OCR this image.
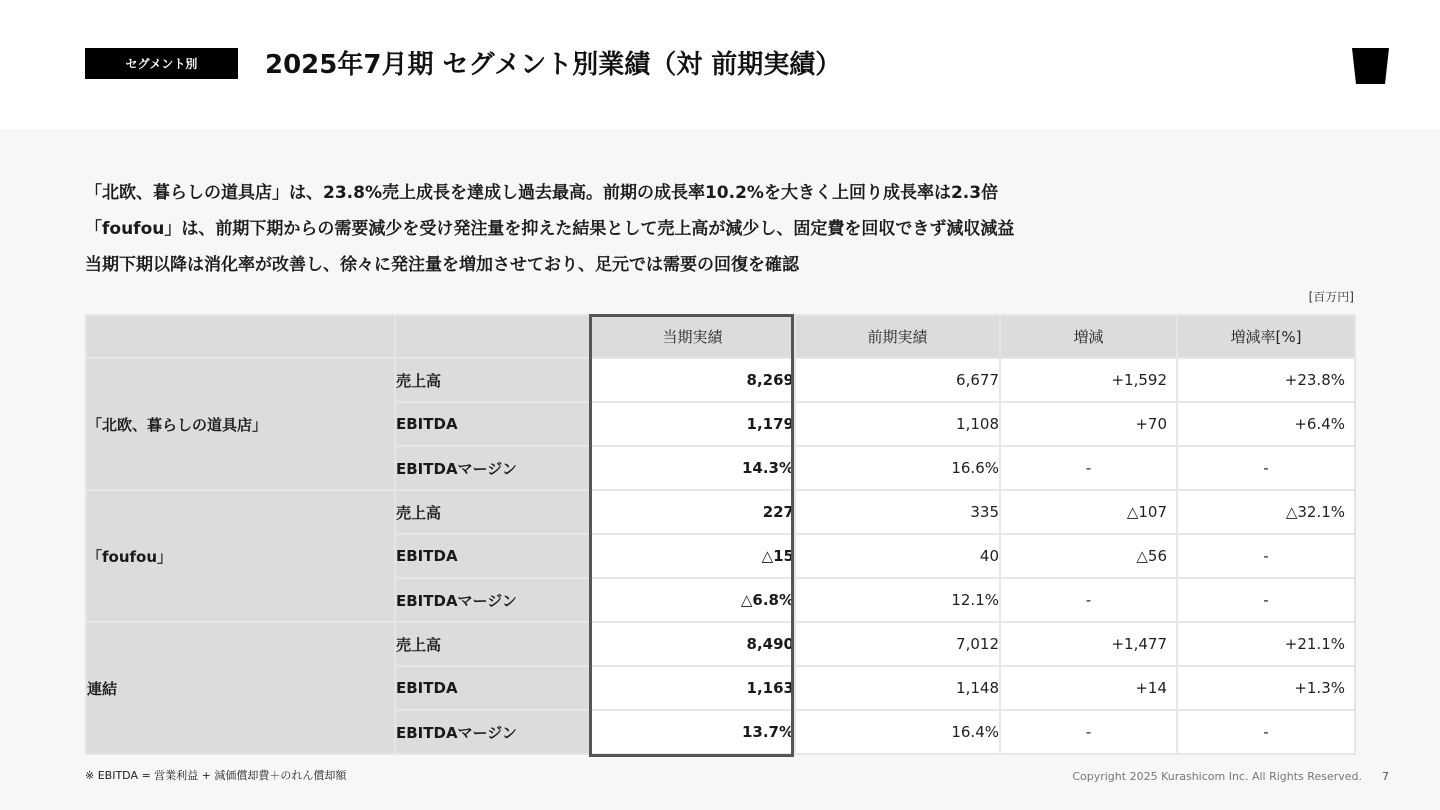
セグメント別	2025年7月期 セグメント別業績（対 前期実績）
「北欧、暮らしの道具店」は、23.8%売上成長を達成し過去最高。前期の成長率10.2%を大きく上回り成長率は2.3倍
「foufou」は、前期下期からの需要減少を受け発注量を抑えた結果として売上高が減少し、固定費を回収できず減収減益
当期下期以降は消化率が改善し、徐々に発注量を増加させており、足元では需要の回復を確認
[百万円]
		当期実績	前期実績	増減	増減率[%]
「北欧、暮らしの道具店」	売上高	8,269	6,677	+1,592	+23.8%
	EBITDA	1,179	1,108	+70	+6.4%
	EBITDAマージン	14.3%	16.6%	-	-
「foufou」	売上高	227	335	△107	△32.1%
	EBITDA	△15	40	△56	-
	EBITDAマージン	△6.8%	12.1%	-	-
連結	売上高	8,490	7,012	+1,477	+21.1%
	EBITDA	1,163	1,148	+14	+1.3%
	EBITDAマージン	13.7%	16.4%	-	-
※ EBITDA = 営業利益 + 減価償却費＋のれん償却額	Copyright 2025 Kurashicom Inc. All Rights Reserved. 7
